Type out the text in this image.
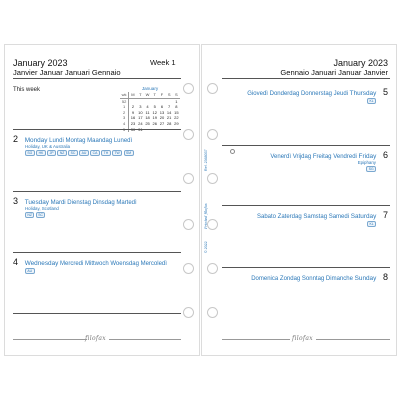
January 2023	Week 1
Janvier Januar Januari Gennaio
This week	January
wk	M	T	W	T	F	S	S
52							1
1	2	3	4	5	6	7	8
2	9	10	11	12	13	14	15
3	16	17	18	19	20	21	22
4	23	24	25	26	27	28	29
5	30	31					
2 Monday Lundi Montag Maandag Lunedì
Holiday, UK & Australia
SG	HK	JP	NZ	SC	AU	CA	TH	TW	SM
3 Tuesday Mardi Dienstag Dinsdag Martedì
Holiday, Scotland
NZ	SC
4 Wednesday Mercredi Mittwoch Woensdag Mercoledì
AU
filofax
January 2023
Gennaio Januari Januar Janvier
Ref. 2368037
Printed filofax
© 2022
Giovedì Donderdag Donnerstag Jeudi Thursday 5
KL
Venerdì Vrijdag Freitag Vendredi Friday 6
Epiphany
SG
Sabato Zaterdag Samstag Samedi Saturday 7
KL
Domenica Zondag Sonntag Dimanche Sunday 8
filofax
